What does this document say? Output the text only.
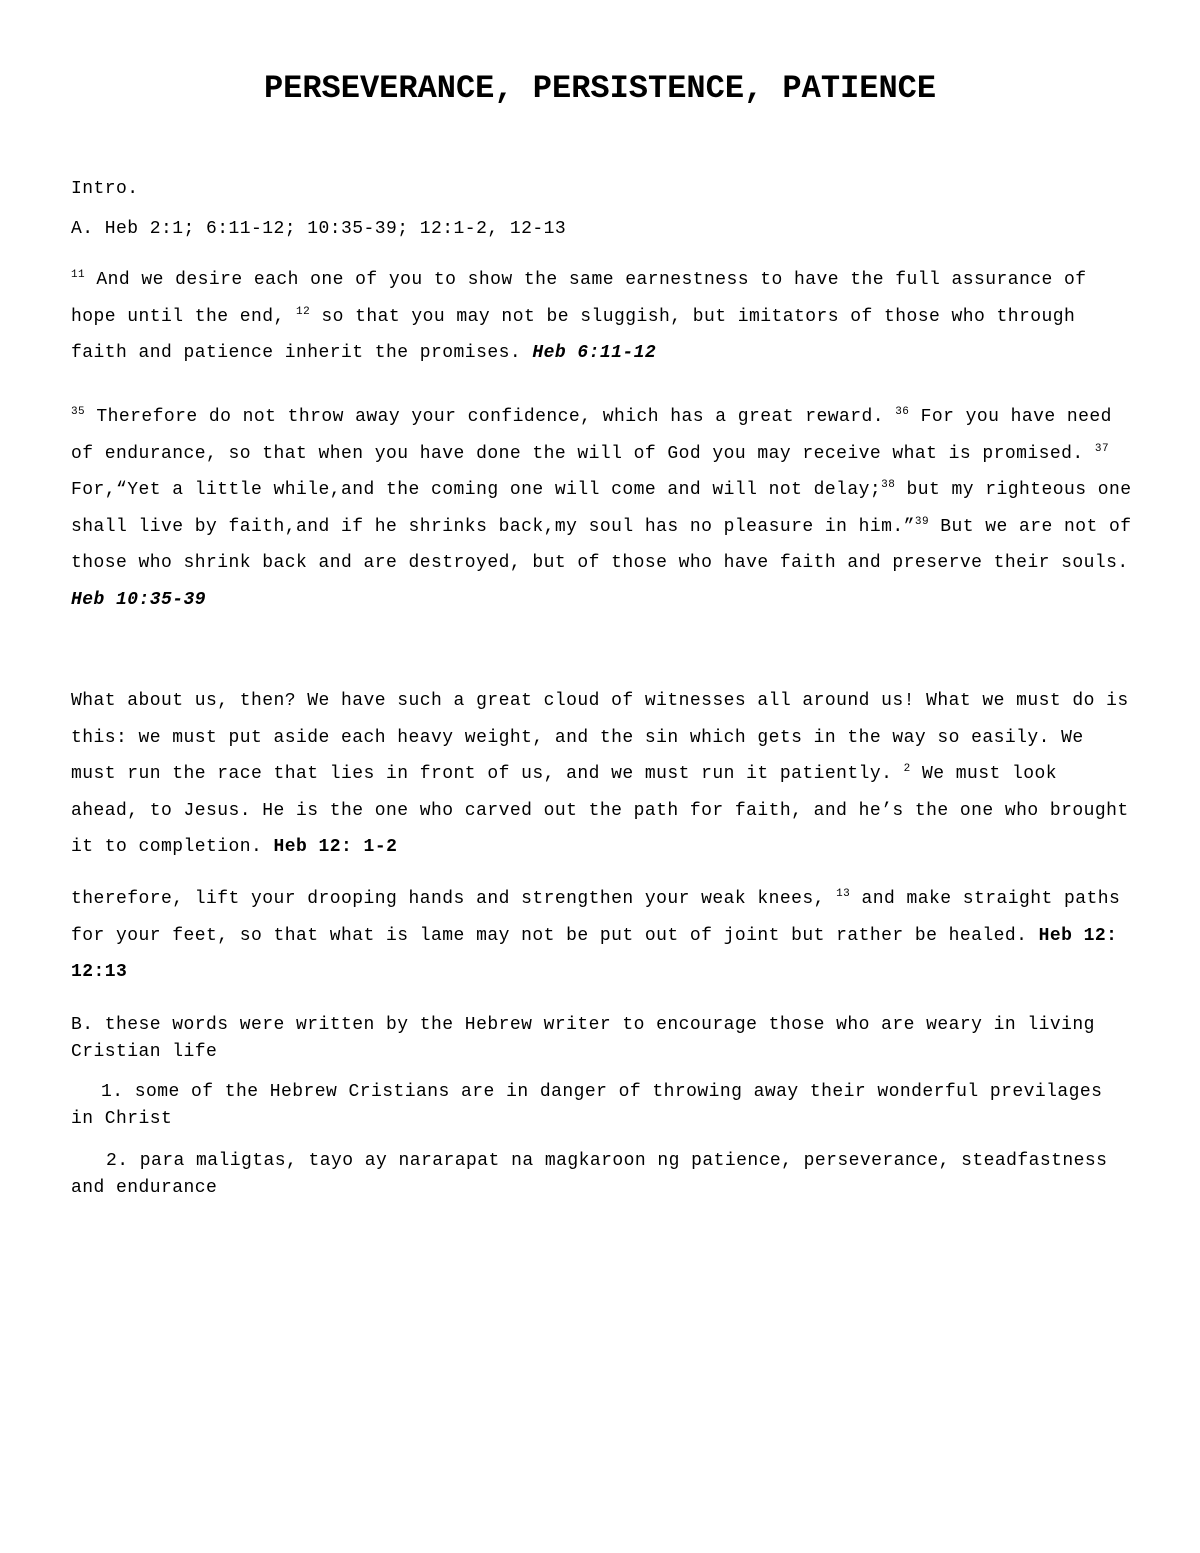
PERSEVERANCE, PERSISTENCE, PATIENCE

Intro.

A. Heb 2:1; 6:11-12; 10:35-39; 12:1-2, 12-13

$^{11}$ And we desire each one of you to show the same earnestness to have the full assurance of hope until the end, $^{12}$ so that you may not be sluggish, but imitators of those who through faith and patience inherit the promises. Heb 6:11-12

$^{35}$ Therefore do not throw away your confidence, which has a great reward. $^{36}$ For you have need of endurance, so that when you have done the will of God you may receive what is promised. $^{37}$ For,“Yet a little while,and the coming one will come and will not delay;$^{38}$ but my righteous one shall live by faith,and if he shrinks back,my soul has no pleasure in him.”$^{39}$ But we are not of those who shrink back and are destroyed, but of those who have faith and preserve their souls. Heb 10:35-39

What about us, then? We have such a great cloud of witnesses all around us! What we must do is this: we must put aside each heavy weight, and the sin which gets in the way so easily. We must run the race that lies in front of us, and we must run it patiently. $^2$ We must look ahead, to Jesus. He is the one who carved out the path for faith, and he’s the one who brought it to completion. Heb 12: 1-2

therefore, lift your drooping hands and strengthen your weak knees, $^{13}$ and make straight paths for your feet, so that what is lame may not be put out of joint but rather be healed. Heb 12: 12:13

B. these words were written by the Hebrew writer to encourage those who are weary in living Cristian life

1. some of the Hebrew Cristians are in danger of throwing away their wonderful previlages in Christ

2. para maligtas, tayo ay nararapat na magkaroon ng patience, perseverance, steadfastness and endurance
